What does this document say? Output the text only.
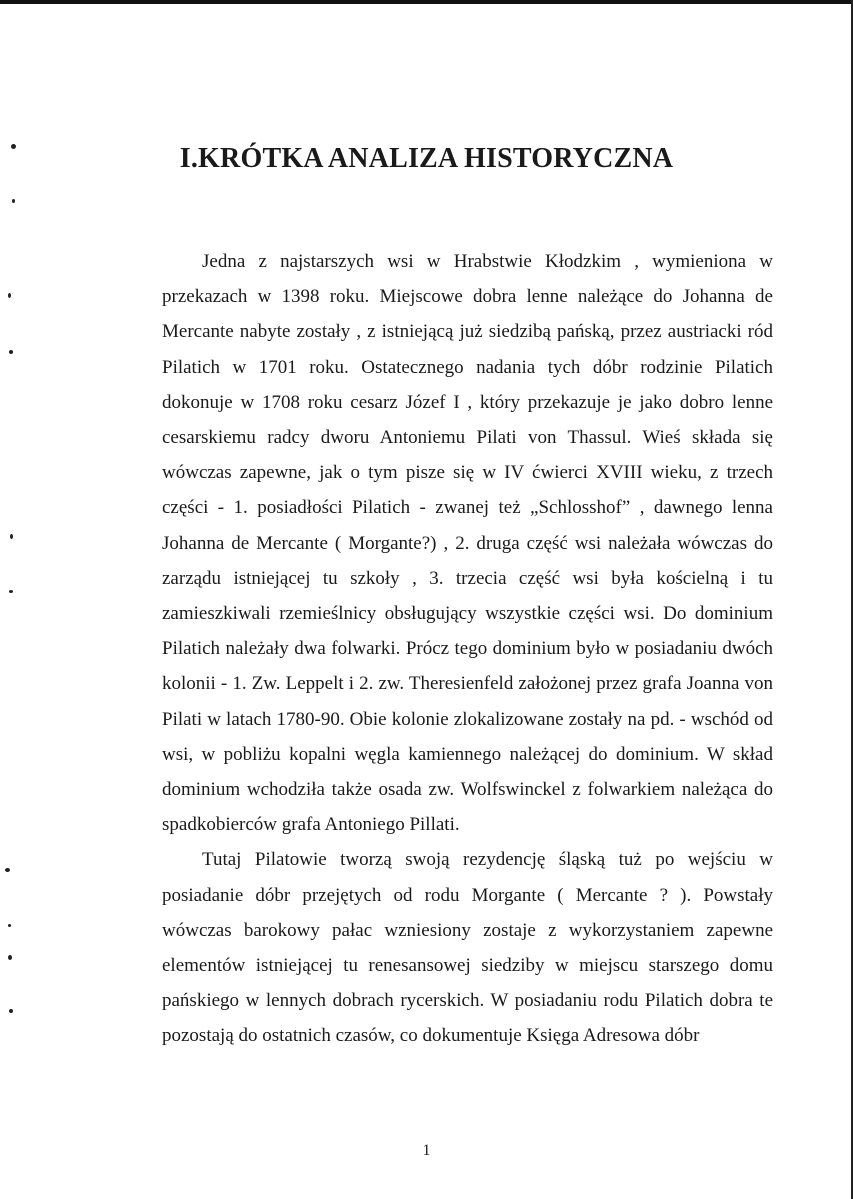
I.KRÓTKA ANALIZA HISTORYCZNA

Jedna z najstarszych wsi w Hrabstwie Kłodzkim , wymieniona w przekazach w 1398 roku. Miejscowe dobra lenne należące do Johanna de Mercante nabyte zostały , z istniejącą już siedzibą pańską, przez austriacki ród Pilatich w 1701 roku. Ostatecznego nadania tych dóbr rodzinie Pilatich dokonuje w 1708 roku cesarz Józef I , który przekazuje je jako dobro lenne cesarskiemu radcy dworu Antoniemu Pilati von Thassul. Wieś składa się wówczas zapewne, jak o tym pisze się w IV ćwierci XVIII wieku, z trzech części - 1. posiadłości Pilatich - zwanej też „Schlosshof” , dawnego lenna Johanna de Mercante ( Morgante?) , 2. druga część wsi należała wówczas do zarządu istniejącej tu szkoły , 3. trzecia część wsi była kościelną i tu zamieszkiwali rzemieślnicy obsługujący wszystkie części wsi. Do dominium Pilatich należały dwa folwarki. Prócz tego dominium było w posiadaniu dwóch kolonii - 1. Zw. Leppelt i 2. zw. Theresienfeld założonej przez grafa Joanna von Pilati w latach 1780-90. Obie kolonie zlokalizowane zostały na pd. - wschód od wsi, w pobliżu kopalni węgla kamiennego należącej do dominium. W skład dominium wchodziła także osada zw. Wolfswinckel z folwarkiem należąca do spadkobierców grafa Antoniego Pillati.

Tutaj Pilatowie tworzą swoją rezydencję śląską tuż po wejściu w posiadanie dóbr przejętych od rodu Morgante ( Mercante ? ). Powstały wówczas barokowy pałac wzniesiony zostaje z wykorzystaniem zapewne elementów istniejącej tu renesansowej siedziby w miejscu starszego domu pańskiego w lennych dobrach rycerskich. W posiadaniu rodu Pilatich dobra te pozostają do ostatnich czasów, co dokumentuje Księga Adresowa dóbr

1
